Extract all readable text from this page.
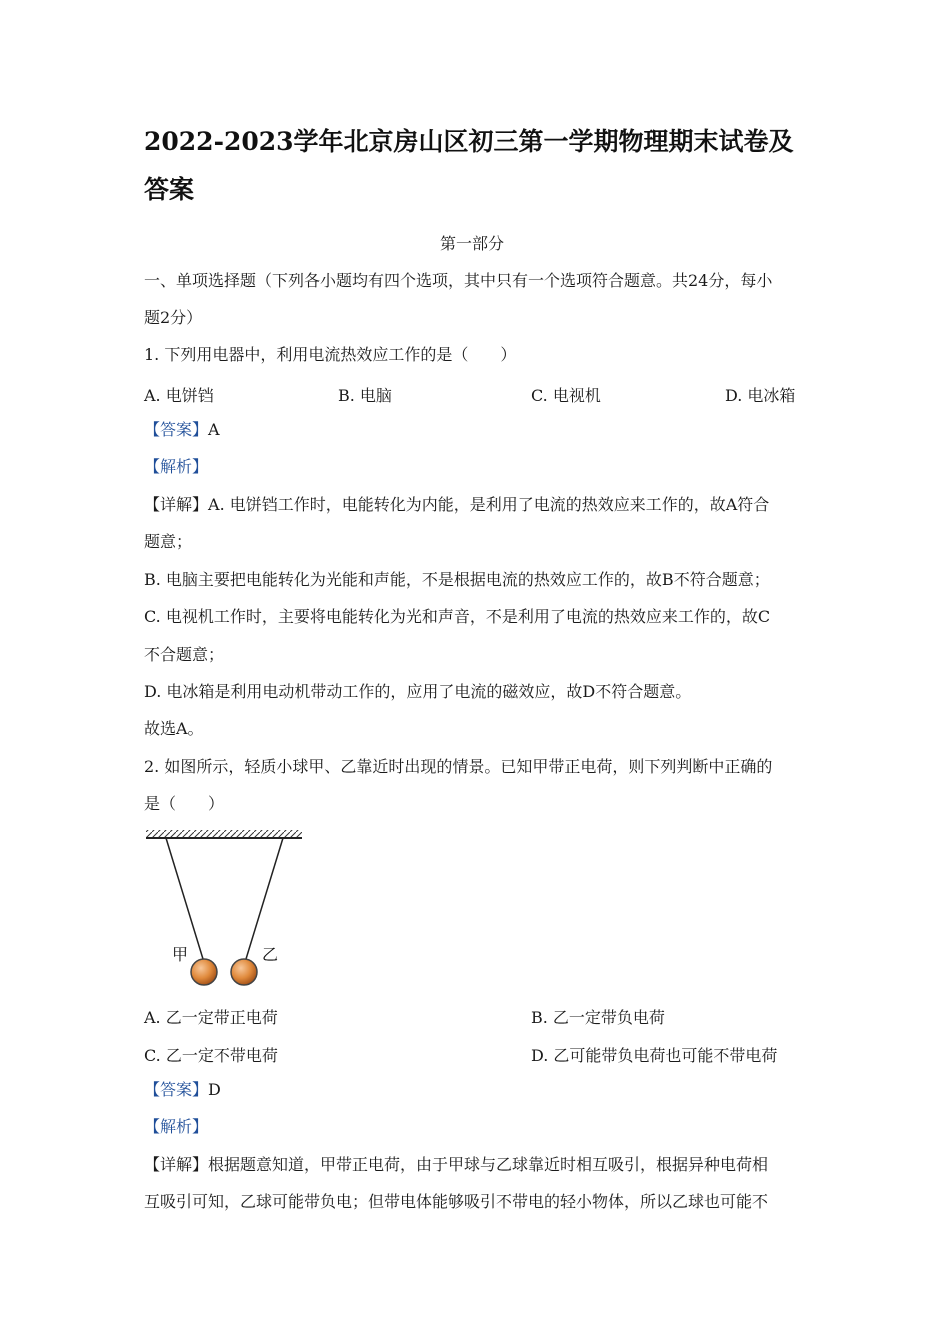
2022-2023学年北京房山区初三第一学期物理期末试卷及答案
第一部分
一、单项选择题（下列各小题均有四个选项，其中只有一个选项符合题意。共24分，每小
题2分）
1. 下列用电器中，利用电流热效应工作的是（　　）
A. 电饼铛	B. 电脑	C. 电视机	D. 电冰箱
【答案】A
【解析】
【详解】A. 电饼铛工作时，电能转化为内能，是利用了电流的热效应来工作的，故A符合
题意；
B. 电脑主要把电能转化为光能和声能，不是根据电流的热效应工作的，故B不符合题意；
C. 电视机工作时，主要将电能转化为光和声音，不是利用了电流的热效应来工作的，故C
不合题意；
D. 电冰箱是利用电动机带动工作的，应用了电流的磁效应，故D不符合题意。
故选A。
2. 如图所示，轻质小球甲、乙靠近时出现的情景。已知甲带正电荷，则下列判断中正确的
是（　　）
甲	乙
A. 乙一定带正电荷	B. 乙一定带负电荷
C. 乙一定不带电荷	D. 乙可能带负电荷也可能不带电荷
【答案】D
【解析】
【详解】根据题意知道，甲带正电荷，由于甲球与乙球靠近时相互吸引，根据异种电荷相
互吸引可知，乙球可能带负电；但带电体能够吸引不带电的轻小物体，所以乙球也可能不
